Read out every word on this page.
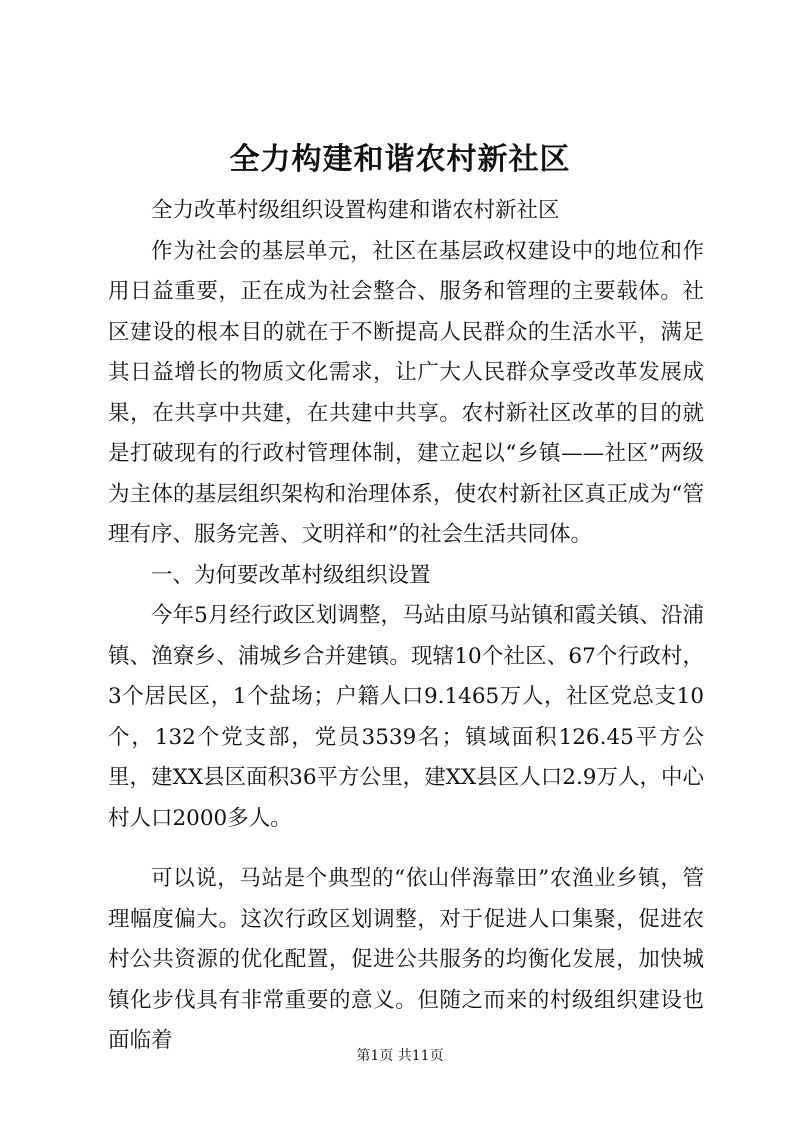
全力构建和谐农村新社区

全力改革村级组织设置构建和谐农村新社区

作为社会的基层单元，社区在基层政权建设中的地位和作用日益重要，正在成为社会整合、服务和管理的主要载体。社区建设的根本目的就在于不断提高人民群众的生活水平，满足其日益增长的物质文化需求，让广大人民群众享受改革发展成果，在共享中共建，在共建中共享。农村新社区改革的目的就是打破现有的行政村管理体制，建立起以“乡镇——社区”两级为主体的基层组织架构和治理体系，使农村新社区真正成为“管理有序、服务完善、文明祥和”的社会生活共同体。

一、为何要改革村级组织设置

今年5月经行政区划调整，马站由原马站镇和霞关镇、沿浦镇、渔寮乡、浦城乡合并建镇。现辖10个社区、67个行政村，3个居民区，1个盐场；户籍人口9.1465万人，社区党总支10个，132个党支部，党员3539名；镇域面积126.45平方公里，建XX县区面积36平方公里，建XX县区人口2.9万人，中心村人口2000多人。

可以说，马站是个典型的“依山伴海靠田”农渔业乡镇，管理幅度偏大。这次行政区划调整，对于促进人口集聚，促进农村公共资源的优化配置，促进公共服务的均衡化发展，加快城镇化步伐具有非常重要的意义。但随之而来的村级组织建设也面临着

第1页 共11页
